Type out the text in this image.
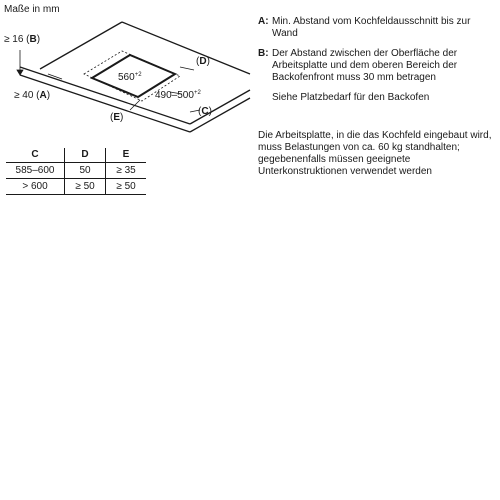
Maße in mm
≥ 16 (B)
≥ 40 (A)
$560^{+2}$
$490-500^{+2}$
(D)
(C)
(E)
C	D	E
585–600	50	≥ 35
> 600	≥ 50	≥ 50
A: Min. Abstand vom Kochfeldausschnitt bis zur Wand
B: Der Abstand zwischen der Oberfläche der Arbeitsplatte und dem oberen Bereich der Backofenfront muss 30 mm betragen
Siehe Platzbedarf für den Backofen
Die Arbeitsplatte, in die das Kochfeld eingebaut wird, muss Belastungen von ca. 60 kg standhalten; gegebenenfalls müssen geeignete Unterkonstruktionen verwendet werden
